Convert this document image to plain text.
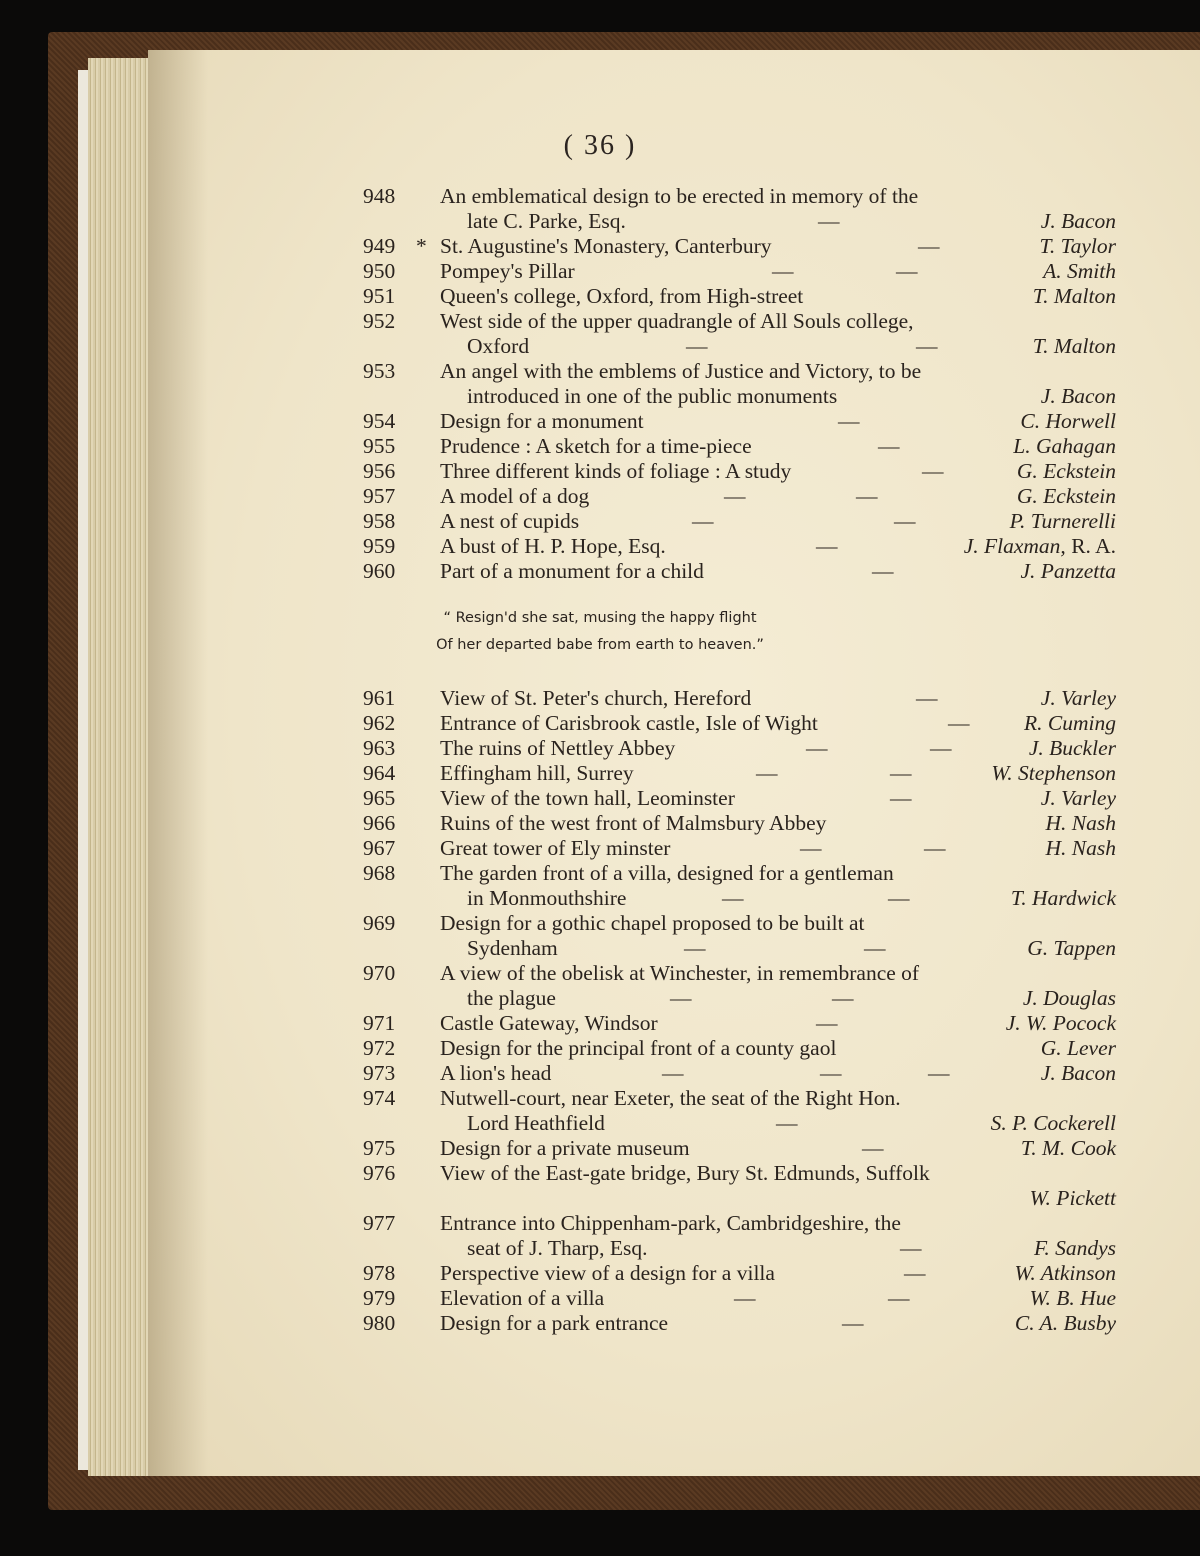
( 36 )
948	An emblematical design to be erected in memory of the
late C. Parke, Esq.	—	J. Bacon
949 * St. Augustine's Monastery, Canterbury	—	T. Taylor
950	Pompey's Pillar	—	—	A. Smith
951	Queen's college, Oxford, from High-street	T. Malton
952	West side of the upper quadrangle of All Souls college,
Oxford	—	—	T. Malton
953	An angel with the emblems of Justice and Victory, to be
introduced in one of the public monuments	J. Bacon
954	Design for a monument	—	C. Horwell
955	Prudence : A sketch for a time-piece	—	L. Gahagan
956	Three different kinds of foliage : A study	—	G. Eckstein
957	A model of a dog	—	—	G. Eckstein
958	A nest of cupids	—	—	P. Turnerelli
959	A bust of H. P. Hope, Esq.	—	J. Flaxman, R. A.
960	Part of a monument for a child	—	J. Panzetta
961	View of St. Peter's church, Hereford	—	J. Varley
962	Entrance of Carisbrook castle, Isle of Wight	—	R. Cuming
963	The ruins of Nettley Abbey	—	—	J. Buckler
964	Effingham hill, Surrey	—	—	W. Stephenson
965	View of the town hall, Leominster	—	J. Varley
966	Ruins of the west front of Malmsbury Abbey	H. Nash
967	Great tower of Ely minster	—	—	H. Nash
968	The garden front of a villa, designed for a gentleman
in Monmouthshire	—	—	T. Hardwick
969	Design for a gothic chapel proposed to be built at
Sydenham	—	—	G. Tappen
970	A view of the obelisk at Winchester, in remembrance of
the plague	—	—	J. Douglas
971	Castle Gateway, Windsor	—	J. W. Pocock
972	Design for the principal front of a county gaol	G. Lever
973	A lion's head	—	—	—	J. Bacon
974	Nutwell-court, near Exeter, the seat of the Right Hon.
Lord Heathfield	—	S. P. Cockerell
975	Design for a private museum	—	T. M. Cook
976	View of the East-gate bridge, Bury St. Edmunds, Suffolk
W. Pickett
977	Entrance into Chippenham-park, Cambridgeshire, the
seat of J. Tharp, Esq.	—	F. Sandys
978	Perspective view of a design for a villa	—	W. Atkinson
979	Elevation of a villa	—	—	W. B. Hue
980	Design for a park entrance	—	C. A. Busby
“ Resign'd she sat, musing the happy flight
Of her departed babe from earth to heaven.”
